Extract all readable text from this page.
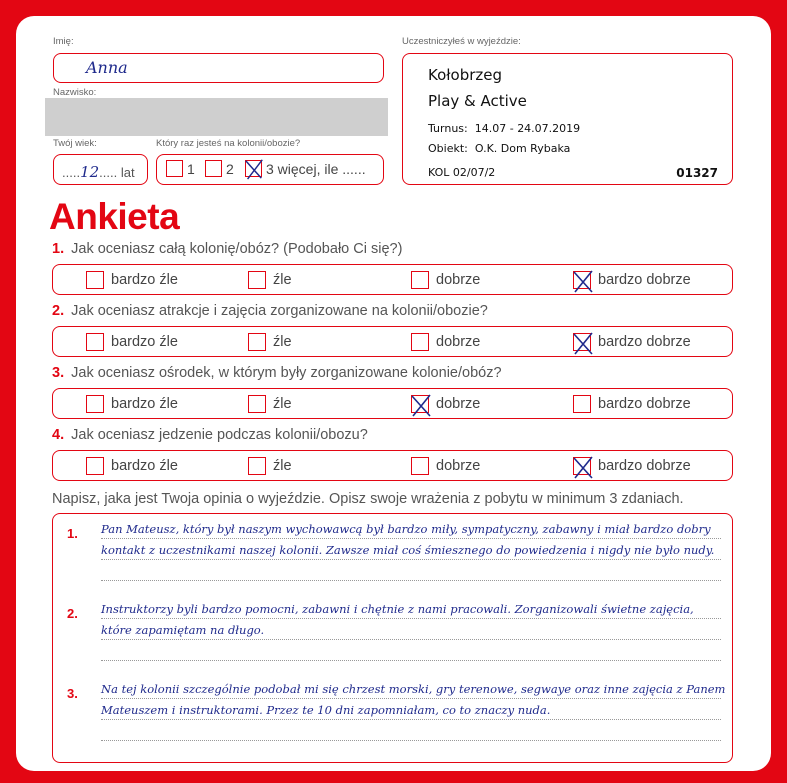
Imię:
Anna
Nazwisko:
Twój wiek:
.....12..... lat
Który raz jesteś na kolonii/obozie?
1 2 3 więcej, ile ......
Uczestniczyłeś w wyjeździe:
Kołobrzeg
Play & Active
Turnus: 14.07 - 24.07.2019
Obiekt: O.K. Dom Rybaka
KOL 02/07/2	01327
Ankieta
1. Jak oceniasz całą kolonię/obóz? (Podobało Ci się?)
bardzo źle	źle	dobrze	bardzo dobrze
2. Jak oceniasz atrakcje i zajęcia zorganizowane na kolonii/obozie?
bardzo źle	źle	dobrze	bardzo dobrze
3. Jak oceniasz ośrodek, w którym były zorganizowane kolonie/obóz?
bardzo źle	źle	dobrze	bardzo dobrze
4. Jak oceniasz jedzenie podczas kolonii/obozu?
bardzo źle	źle	dobrze	bardzo dobrze
Napisz, jaka jest Twoja opinia o wyjeździe. Opisz swoje wrażenia z pobytu w minimum 3 zdaniach.
1. Pan Mateusz, który był naszym wychowawcą był bardzo miły, sympatyczny, zabawny i miał bardzo dobry kontakt z uczestnikami naszej kolonii. Zawsze miał coś śmiesznego do powiedzenia i nigdy nie było nudy.
2. Instruktorzy byli bardzo pomocni, zabawni i chętnie z nami pracowali. Zorganizowali świetne zajęcia, które zapamiętam na długo.
3. Na tej kolonii szczególnie podobał mi się chrzest morski, gry terenowe, segwaye oraz inne zajęcia z Panem Mateuszem i instruktorami. Przez te 10 dni zapomniałam, co to znaczy nuda.
